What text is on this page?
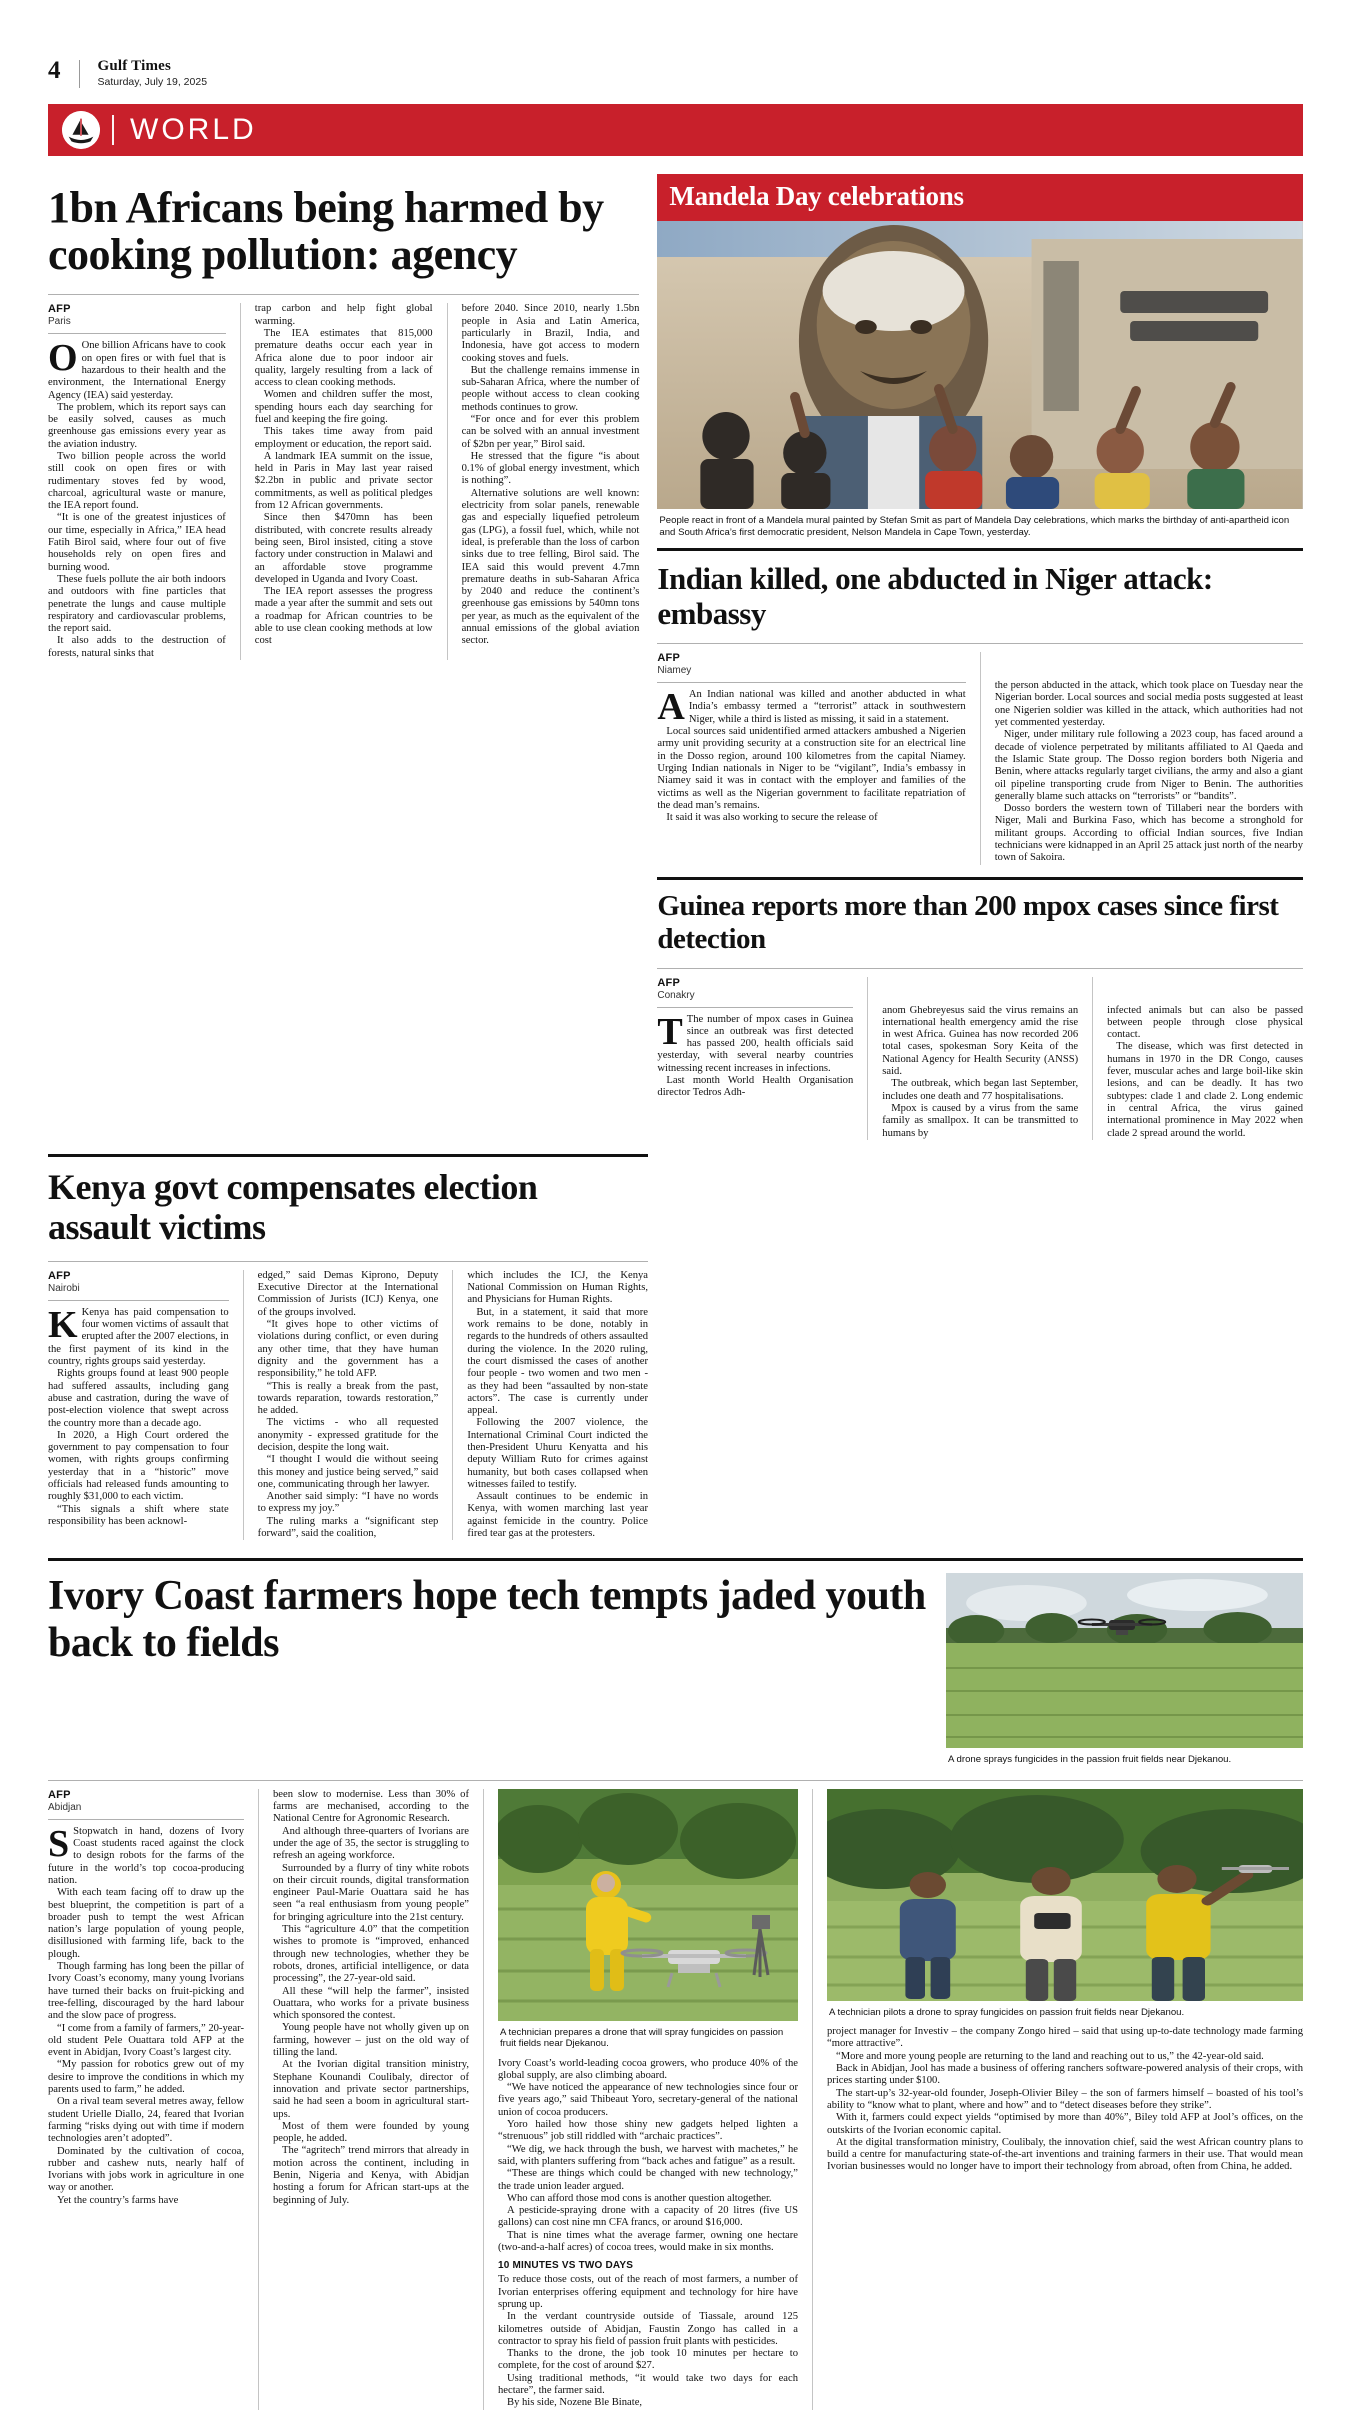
4 Gulf Times
Saturday, July 19, 2025
WORLD
1bn Africans being harmed by cooking pollution: agency
AFP
Paris

O One billion Africans have to cook on open fires or with fuel that is hazardous to their health and the environment, the International Energy Agency (IEA) said yesterday.

The problem, which its report says can be easily solved, causes as much greenhouse gas emissions every year as the aviation industry.

Two billion people across the world still cook on open fires or with rudimentary stoves fed by wood, charcoal, agricultural waste or manure, the IEA report found.

“It is one of the greatest injustices of our time, especially in Africa,” IEA head Fatih Birol said, where four out of five households rely on open fires and burning wood.

These fuels pollute the air both indoors and outdoors with fine particles that penetrate the lungs and cause multiple respiratory and cardiovascular problems, the report said.

It also adds to the destruction of forests, natural sinks that

trap carbon and help fight global warming.

The IEA estimates that 815,000 premature deaths occur each year in Africa alone due to poor indoor air quality, largely resulting from a lack of access to clean cooking methods.

Women and children suffer the most, spending hours each day searching for fuel and keeping the fire going.

This takes time away from paid employment or education, the report said.

A landmark IEA summit on the issue, held in Paris in May last year raised $2.2bn in public and private sector commitments, as well as political pledges from 12 African governments.

Since then $470mn has been distributed, with concrete results already being seen, Birol insisted, citing a stove factory under construction in Malawi and an affordable stove programme developed in Uganda and Ivory Coast.

The IEA report assesses the progress made a year after the summit and sets out a roadmap for African countries to be able to use clean cooking methods at low cost

before 2040. Since 2010, nearly 1.5bn people in Asia and Latin America, particularly in Brazil, India, and Indonesia, have got access to modern cooking stoves and fuels.

But the challenge remains immense in sub-Saharan Africa, where the number of people without access to clean cooking methods continues to grow.

“For once and for ever this problem can be solved with an annual investment of $2bn per year,” Birol said.

He stressed that the figure “is about 0.1% of global energy investment, which is nothing”.

Alternative solutions are well known: electricity from solar panels, renewable gas and especially liquefied petroleum gas (LPG), a fossil fuel, which, while not ideal, is preferable than the loss of carbon sinks due to tree felling, Birol said. The IEA said this would prevent 4.7mn premature deaths in sub-Saharan Africa by 2040 and reduce the continent’s greenhouse gas emissions by 540mn tons per year, as much as the equivalent of the annual emissions of the global aviation sector.

Mandela Day celebrations
People react in front of a Mandela mural painted by Stefan Smit as part of Mandela Day celebrations, which marks the birthday of anti-apartheid icon and South Africa’s first democratic president, Nelson Mandela in Cape Town, yesterday.
Indian killed, one abducted in Niger attack: embassy
AFP
Niamey

A An Indian national was killed and another abducted in what India’s embassy termed a “terrorist” attack in southwestern Niger, while a third is listed as missing, it said in a statement.

Local sources said unidentified armed attackers ambushed a Nigerien army unit providing security at a construction site for an electrical line in the Dosso region, around 100 kilometres from the capital Niamey. Urging Indian nationals in Niger to be “vigilant”, India’s embassy in Niamey said it was in contact with the employer and families of the victims as well as the Nigerian government to facilitate repatriation of the dead man’s remains.

It said it was also working to secure the release of

the person abducted in the attack, which took place on Tuesday near the Nigerian border. Local sources and social media posts suggested at least one Nigerien soldier was killed in the attack, which authorities had not yet commented yesterday.

Niger, under military rule following a 2023 coup, has faced around a decade of violence perpetrated by militants affiliated to Al Qaeda and the Islamic State group. The Dosso region borders both Nigeria and Benin, where attacks regularly target civilians, the army and also a giant oil pipeline transporting crude from Niger to Benin. The authorities generally blame such attacks on “terrorists” or “bandits”.

Dosso borders the western town of Tillaberi near the borders with Niger, Mali and Burkina Faso, which has become a stronghold for militant groups. According to official Indian sources, five Indian technicians were kidnapped in an April 25 attack just north of the nearby town of Sakoira.

Guinea reports more than 200 mpox cases since first detection
AFP
Conakry

T The number of mpox cases in Guinea since an outbreak was first detected has passed 200, health officials said yesterday, with several nearby countries witnessing recent increases in infections.

Last month World Health Organisation director Tedros Adh-

anom Ghebreyesus said the virus remains an international health emergency amid the rise in west Africa. Guinea has now recorded 206 total cases, spokesman Sory Keita of the National Agency for Health Security (ANSS) said.

The outbreak, which began last September, includes one death and 77 hospitalisations.

Mpox is caused by a virus from the same family as smallpox. It can be transmitted to humans by

infected animals but can also be passed between people through close physical contact.

The disease, which was first detected in humans in 1970 in the DR Congo, causes fever, muscular aches and large boil-like skin lesions, and can be deadly. It has two subtypes: clade 1 and clade 2. Long endemic in central Africa, the virus gained international prominence in May 2022 when clade 2 spread around the world.

Kenya govt compensates election assault victims
AFP
Nairobi

K Kenya has paid compensation to four women victims of assault that erupted after the 2007 elections, in the first payment of its kind in the country, rights groups said yesterday.

Rights groups found at least 900 people had suffered assaults, including gang abuse and castration, during the wave of post-election violence that swept across the country more than a decade ago.

In 2020, a High Court ordered the government to pay compensation to four women, with rights groups confirming yesterday that in a “historic” move officials had released funds amounting to roughly $31,000 to each victim.

“This signals a shift where state responsibility has been acknowl-

edged,” said Demas Kiprono, Deputy Executive Director at the International Commission of Jurists (ICJ) Kenya, one of the groups involved.

“It gives hope to other victims of violations during conflict, or even during any other time, that they have human dignity and the government has a responsibility,” he told AFP.

“This is really a break from the past, towards reparation, towards restoration,” he added.

The victims - who all requested anonymity - expressed gratitude for the decision, despite the long wait.

“I thought I would die without seeing this money and justice being served,” said one, communicating through her lawyer.

Another said simply: “I have no words to express my joy.”

The ruling marks a “significant step forward”, said the coalition,

which includes the ICJ, the Kenya National Commission on Human Rights, and Physicians for Human Rights.

But, in a statement, it said that more work remains to be done, notably in regards to the hundreds of others assaulted during the violence. In the 2020 ruling, the court dismissed the cases of another four people - two women and two men - as they had been “assaulted by non-state actors”. The case is currently under appeal.

Following the 2007 violence, the International Criminal Court indicted the then-President Uhuru Kenyatta and his deputy William Ruto for crimes against humanity, but both cases collapsed when witnesses failed to testify.

Assault continues to be endemic in Kenya, with women marching last year against femicide in the country. Police fired tear gas at the protesters.

Ivory Coast farmers hope tech tempts jaded youth back to fields
A drone sprays fungicides in the passion fruit fields near Djekanou.
AFP
Abidjan

S Stopwatch in hand, dozens of Ivory Coast students raced against the clock to design robots for the farms of the future in the world’s top cocoa-producing nation.

With each team facing off to draw up the best blueprint, the competition is part of a broader push to tempt the west African nation’s large population of young people, disillusioned with farming life, back to the plough.

Though farming has long been the pillar of Ivory Coast’s economy, many young Ivorians have turned their backs on fruit-picking and tree-felling, discouraged by the hard labour and the slow pace of progress.

“I come from a family of farmers,” 20-year-old student Pele Ouattara told AFP at the event in Abidjan, Ivory Coast’s largest city.

“My passion for robotics grew out of my desire to improve the conditions in which my parents used to farm,” he added.

On a rival team several metres away, fellow student Urielle Diallo, 24, feared that Ivorian farming “risks dying out with time if modern technologies aren’t adopted”.

Dominated by the cultivation of cocoa, rubber and cashew nuts, nearly half of Ivorians with jobs work in agriculture in one way or another.

Yet the country’s farms have

been slow to modernise. Less than 30% of farms are mechanised, according to the National Centre for Agronomic Research.

And although three-quarters of Ivorians are under the age of 35, the sector is struggling to refresh an ageing workforce.

Surrounded by a flurry of tiny white robots on their circuit rounds, digital transformation engineer Paul-Marie Ouattara said he has seen “a real enthusiasm from young people” for bringing agriculture into the 21st century.

This “agriculture 4.0” that the competition wishes to promote is “improved, enhanced through new technologies, whether they be robots, drones, artificial intelligence, or data processing”, the 27-year-old said.

All these “will help the farmer”, insisted Ouattara, who works for a private business which sponsored the contest.

Young people have not wholly given up on farming, however – just on the old way of tilling the land.

At the Ivorian digital transition ministry, Stephane Kounandi Coulibaly, director of innovation and private sector partnerships, said he had seen a boom in agricultural start-ups.

Most of them were founded by young people, he added.

The “agritech” trend mirrors that already in motion across the continent, including in Benin, Nigeria and Kenya, with Abidjan hosting a forum for African start-ups at the beginning of July.

A technician prepares a drone that will spray fungicides on passion fruit fields near Djekanou.

Ivory Coast’s world-leading cocoa growers, who produce 40% of the global supply, are also climbing aboard.

“We have noticed the appearance of new technologies since four or five years ago,” said Thibeaut Yoro, secretary-general of the national union of cocoa producers.

Yoro hailed how those shiny new gadgets helped lighten a “strenuous” job still riddled with “archaic practices”.

“We dig, we hack through the bush, we harvest with machetes,” he said, with planters suffering from “back aches and fatigue” as a result.

“These are things which could be changed with new technology,” the trade union leader argued.

Who can afford those mod cons is another question altogether.

A pesticide-spraying drone with a capacity of 20 litres (five US gallons) can cost nine mn CFA francs, or around $16,000.

That is nine times what the average farmer, owning one hectare (two-and-a-half acres) of cocoa trees, would make in six months.

10 MINUTES VS TWO DAYS

To reduce those costs, out of the reach of most farmers, a number of Ivorian enterprises offering equipment and technology for hire have sprung up.

In the verdant countryside outside of Tiassale, around 125 kilometres outside of Abidjan, Faustin Zongo has called in a contractor to spray his field of passion fruit plants with pesticides.

Thanks to the drone, the job took 10 minutes per hectare to complete, for the cost of around $27.

Using traditional methods, “it would take two days for each hectare”, the farmer said.

By his side, Nozene Ble Binate,

A technician pilots a drone to spray fungicides on passion fruit fields near Djekanou.

project manager for Investiv – the company Zongo hired – said that using up-to-date technology made farming “more attractive”.

“More and more young people are returning to the land and reaching out to us,” the 42-year-old said.

Back in Abidjan, Jool has made a business of offering ranchers software-powered analysis of their crops, with prices starting under $100.

The start-up’s 32-year-old founder, Joseph-Olivier Biley – the son of farmers himself – boasted of his tool’s ability to “know what to plant, where and how” and to “detect diseases before they strike”.

With it, farmers could expect yields “optimised by more than 40%”, Biley told AFP at Jool’s offices, on the outskirts of the Ivorian economic capital.

At the digital transformation ministry, Coulibaly, the innovation chief, said the west African country plans to build a centre for manufacturing state-of-the-art inventions and training farmers in their use. That would mean Ivorian businesses would no longer have to import their technology from abroad, often from China, he added.
